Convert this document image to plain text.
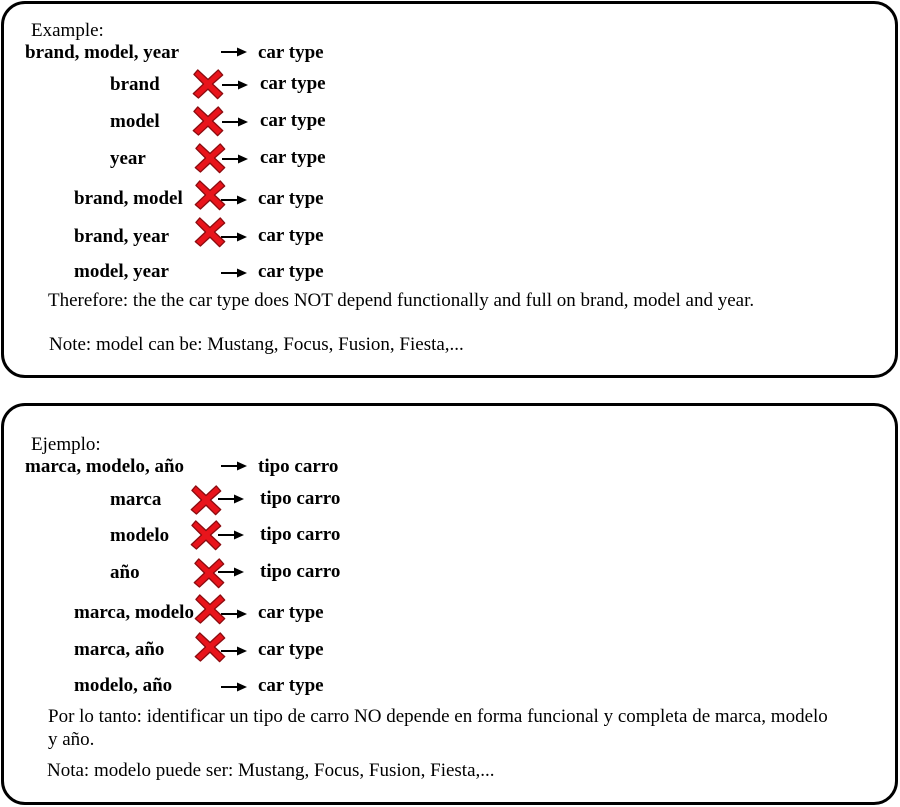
Example:
brand, model, year	car type
brand	car type
model	car type
year	car type
brand, model	car type
brand, year	car type
model, year	car type
Therefore: the the car type does NOT depend functionally and full on brand, model and year.
Note: model can be: Mustang, Focus, Fusion, Fiesta,...
Ejemplo:
marca, modelo, año	tipo carro
marca	tipo carro
modelo	tipo carro
año	tipo carro
marca, modelo	car type
marca, año	car type
modelo, año	car type
Por lo tanto: identificar un tipo de carro NO depende en forma funcional y completa de marca, modelo
y año.
Nota: modelo puede ser: Mustang, Focus, Fusion, Fiesta,...
